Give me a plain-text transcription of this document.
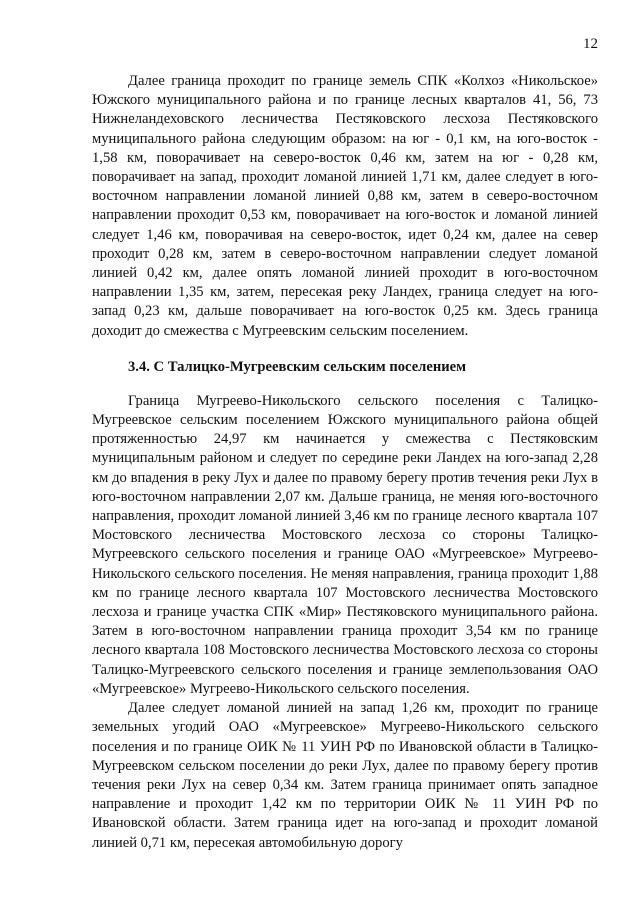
12

Далее граница проходит по границе земель СПК «Колхоз «Никольское» Южского муниципального района и по границе лесных кварталов 41, 56, 73 Нижнеландеховского лесничества Пестяковского лесхоза Пестяковского муниципального района следующим образом: на юг - 0,1 км, на юго-восток - 1,58 км, поворачивает на северо-восток 0,46 км, затем на юг - 0,28 км, поворачивает на запад, проходит ломаной линией 1,71 км, далее следует в юго-восточном направлении ломаной линией 0,88 км, затем в северо-восточном направлении проходит 0,53 км, поворачивает на юго-восток и ломаной линией следует 1,46 км, поворачивая на северо-восток, идет 0,24 км, далее на север проходит 0,28 км, затем в северо-восточном направлении следует ломаной линией 0,42 км, далее опять ломаной линией проходит в юго-восточном направлении 1,35 км, затем, пересекая реку Ландех, граница следует на юго-запад 0,23 км, дальше поворачивает на юго-восток 0,25 км. Здесь граница доходит до смежества с Мугреевским сельским поселением.

3.4. С Талицко-Мугреевским сельским поселением

Граница Мугреево-Никольского сельского поселения с Талицко-Мугреевское сельским поселением Южского муниципального района общей протяженностью 24,97 км начинается у смежества с Пестяковским муниципальным районом и следует по середине реки Ландех на юго-запад 2,28 км до впадения в реку Лух и далее по правому берегу против течения реки Лух в юго-восточном направлении 2,07 км. Дальше граница, не меняя юго-восточного направления, проходит ломаной линией 3,46 км по границе лесного квартала 107 Мостовского лесничества Мостовского лесхоза со стороны Талицко-Мугреевского сельского поселения и границе ОАО «Мугреевское» Мугреево-Никольского сельского поселения. Не меняя направления, граница проходит 1,88 км по границе лесного квартала 107 Мостовского лесничества Мостовского лесхоза и границе участка СПК «Мир» Пестяковского муниципального района. Затем в юго-восточном направлении граница проходит 3,54 км по границе лесного квартала 108 Мостовского лесничества Мостовского лесхоза со стороны Талицко-Мугреевского сельского поселения и границе землепользования ОАО «Мугреевское» Мугреево-Никольского сельского поселения.

Далее следует ломаной линией на запад 1,26 км, проходит по границе земельных угодий ОАО «Мугреевское» Мугреево-Никольского сельского поселения и по границе ОИК № 11 УИН РФ по Ивановской области в Талицко-Мугреевском сельском поселении до реки Лух, далее по правому берегу против течения реки Лух на север 0,34 км. Затем граница принимает опять западное направление и проходит 1,42 км по территории ОИК № 11 УИН РФ по Ивановской области. Затем граница идет на юго-запад и проходит ломаной линией 0,71 км, пересекая автомобильную дорогу
